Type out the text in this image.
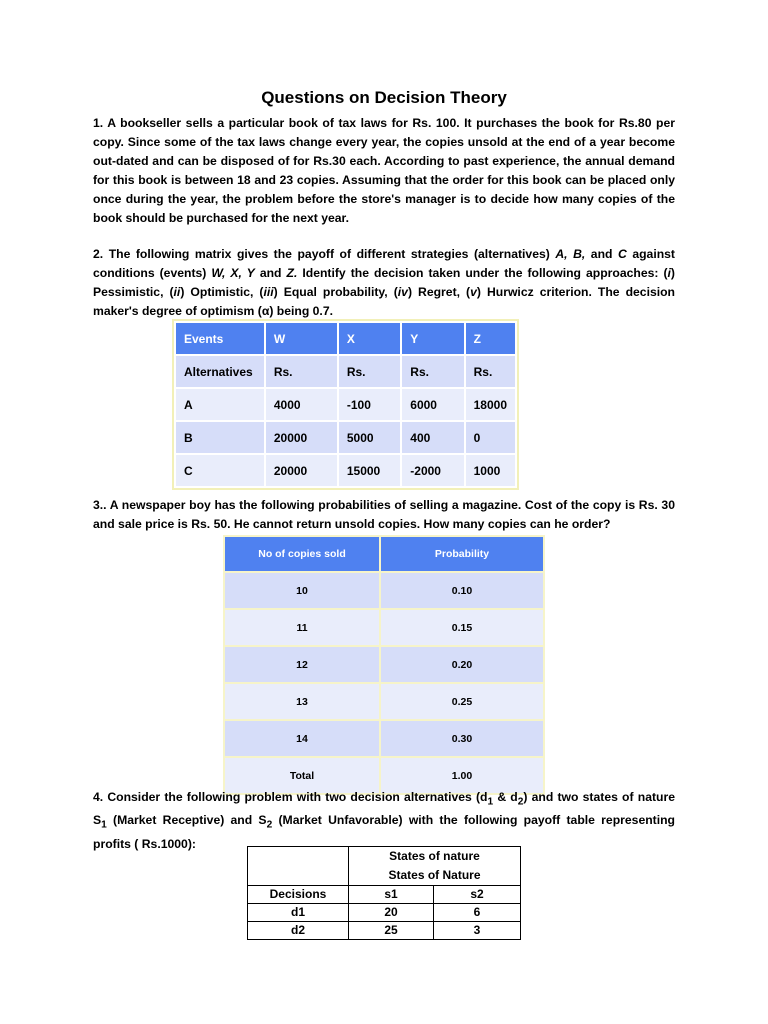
Questions on Decision Theory

1. A bookseller sells a particular book of tax laws for Rs. 100. It purchases the book for Rs.80 per copy. Since some of the tax laws change every year, the copies unsold at the end of a year become out-dated and can be disposed of for Rs.30 each. According to past experience, the annual demand for this book is between 18 and 23 copies. Assuming that the order for this book can be placed only once during the year, the problem before the store's manager is to decide how many copies of the book should be purchased for the next year.

2. The following matrix gives the payoff of different strategies (alternatives) A, B, and C against conditions (events) W, X, Y and Z. Identify the decision taken under the following approaches: (i) Pessimistic, (ii) Optimistic, (iii) Equal probability, (iv) Regret, (v) Hurwicz criterion. The decision maker's degree of optimism (α) being 0.7.

Events	W	X	Y	Z
Alternatives	Rs.	Rs.	Rs.	Rs.
A	4000	-100	6000	18000
B	20000	5000	400	0
C	20000	15000	-2000	1000

3.. A newspaper boy has the following probabilities of selling a magazine. Cost of the copy is Rs. 30 and sale price is Rs. 50. He cannot return unsold copies. How many copies can he order?

No of copies sold	Probability
10	0.10
11	0.15
12	0.20
13	0.25
14	0.30
Total	1.00

4. Consider the following problem with two decision alternatives ($d_1$ & $d_2$) and two states of nature $S_1$ (Market Receptive) and $S_2$ (Market Unfavorable) with the following payoff table representing profits ( Rs.1000):

	States of nature
States of Nature	

Decisions	s1	s2
d1	20	6
d2	25	3
